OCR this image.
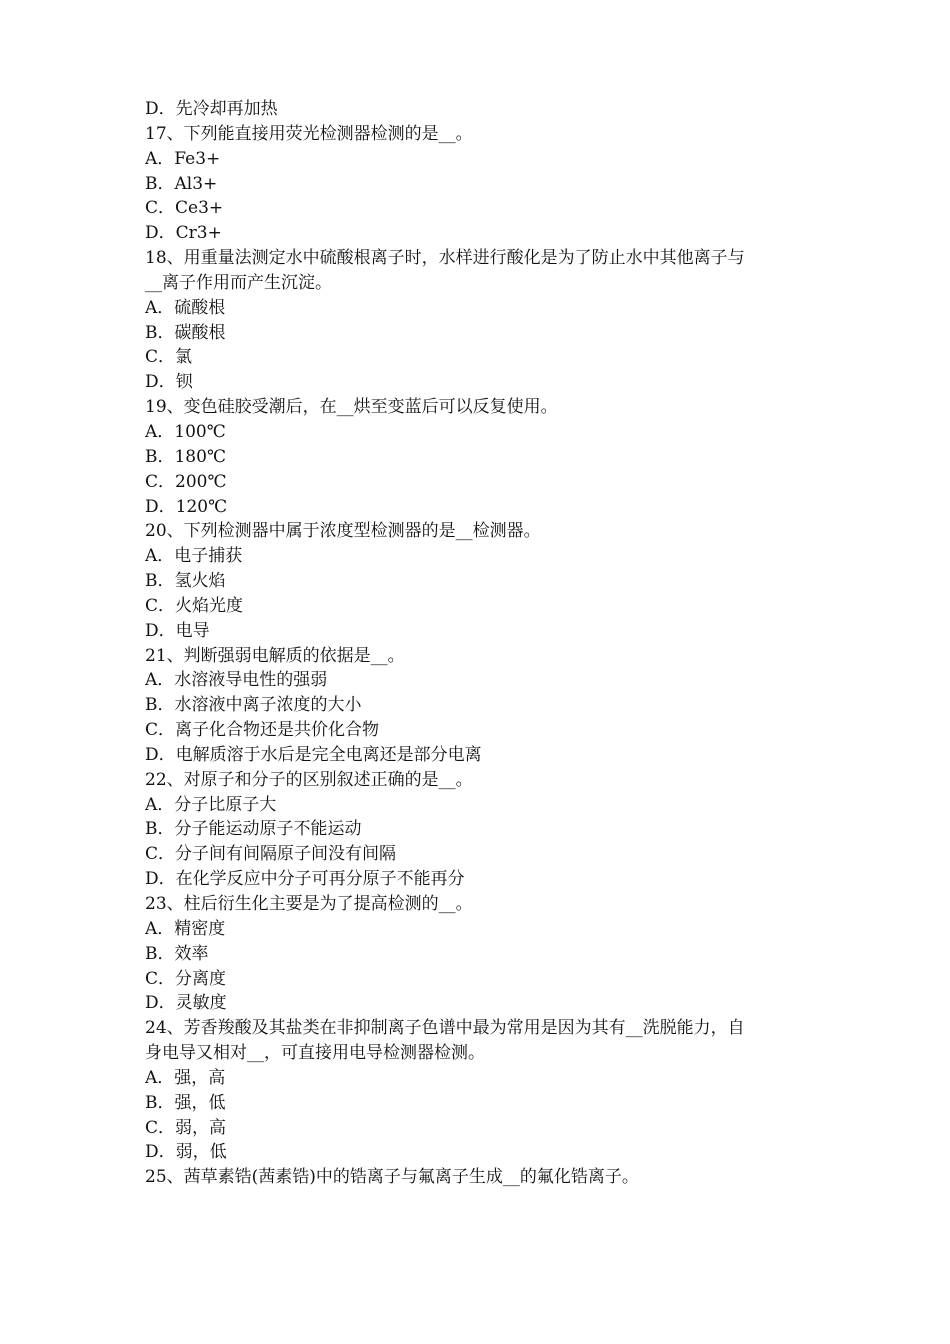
D．先冷却再加热
17、下列能直接用荧光检测器检测的是__。
A．Fe3+
B．Al3+
C．Ce3+
D．Cr3+
18、用重量法测定水中硫酸根离子时，水样进行酸化是为了防止水中其他离子与
__离子作用而产生沉淀。
A．硫酸根
B．碳酸根
C．氯
D．钡
19、变色硅胶受潮后，在__烘至变蓝后可以反复使用。
A．100℃
B．180℃
C．200℃
D．120℃
20、下列检测器中属于浓度型检测器的是__检测器。
A．电子捕获
B．氢火焰
C．火焰光度
D．电导
21、判断强弱电解质的依据是__。
A．水溶液导电性的强弱
B．水溶液中离子浓度的大小
C．离子化合物还是共价化合物
D．电解质溶于水后是完全电离还是部分电离
22、对原子和分子的区别叙述正确的是__。
A．分子比原子大
B．分子能运动原子不能运动
C．分子间有间隔原子间没有间隔
D．在化学反应中分子可再分原子不能再分
23、柱后衍生化主要是为了提高检测的__。
A．精密度
B．效率
C．分离度
D．灵敏度
24、芳香羧酸及其盐类在非抑制离子色谱中最为常用是因为其有__洗脱能力，自
身电导又相对__，可直接用电导检测器检测。
A．强，高
B．强，低
C．弱，高
D．弱，低
25、茜草素锆(茜素锆)中的锆离子与氟离子生成__的氟化锆离子。
